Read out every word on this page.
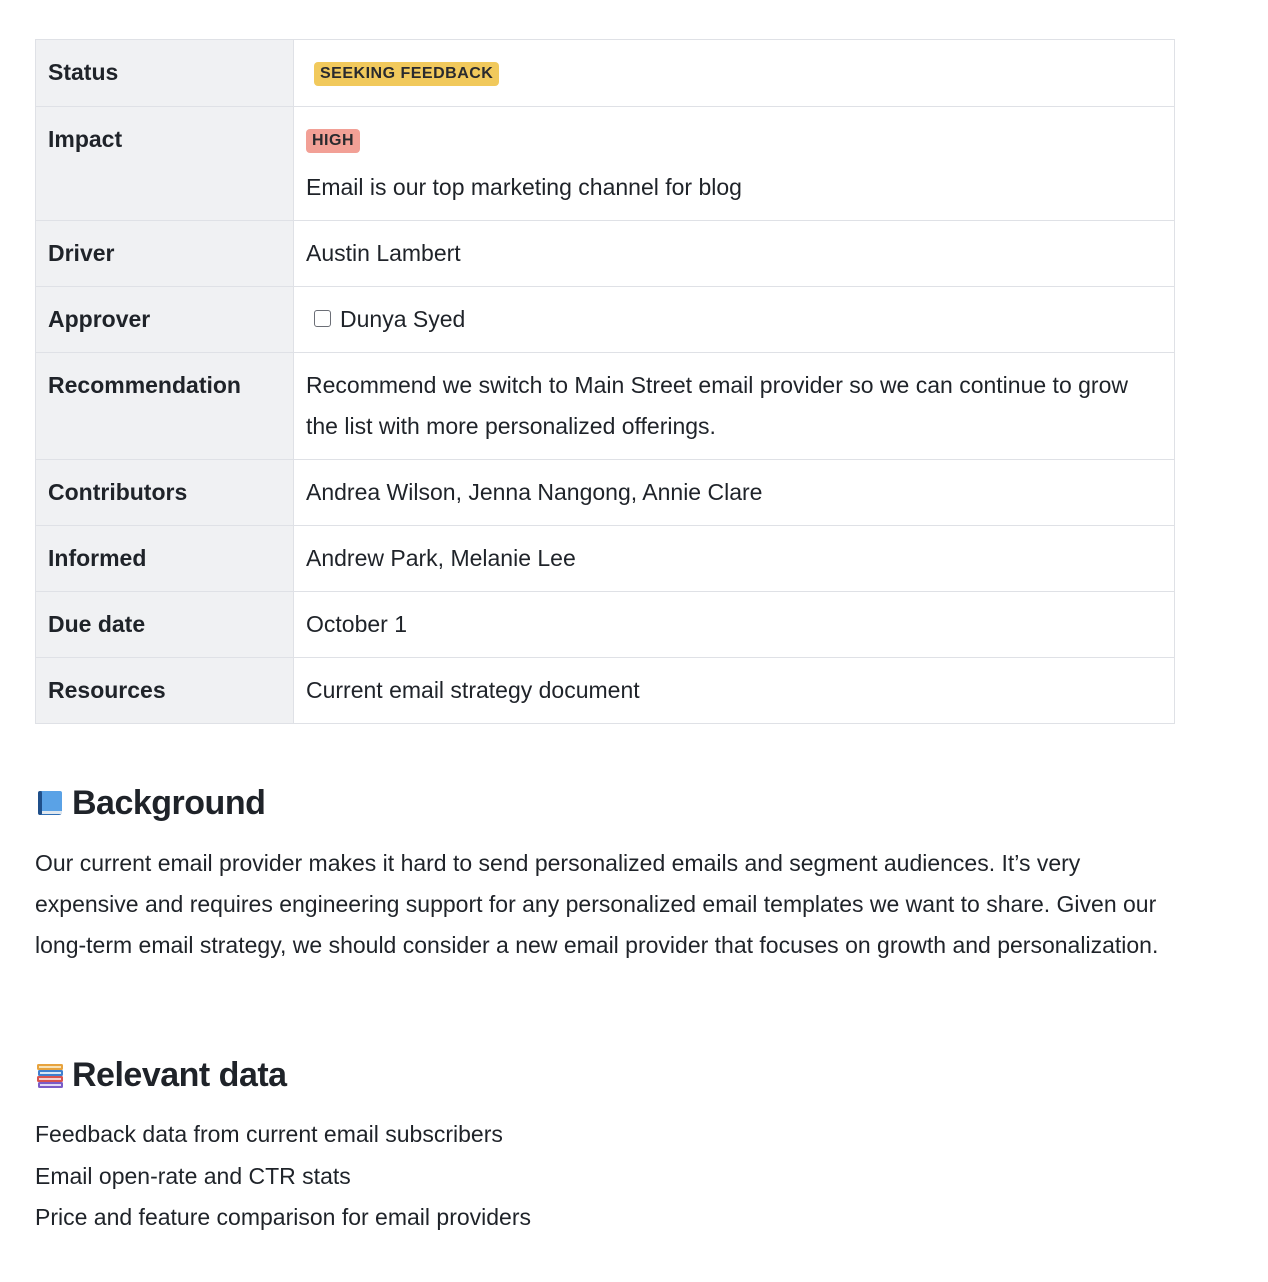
Status	SEEKING FEEDBACK

Impact	HIGH
Email is our top marketing channel for blog

Driver	Austin Lambert
Approver	Dunya Syed
Recommendation	Recommend we switch to Main Street email provider so we can continue to grow the list with more personalized offerings.
Contributors	Andrea Wilson, Jenna Nangong, Annie Clare
Informed	Andrew Park, Melanie Lee
Due date	October 1
Resources	Current email strategy document
Background

Our current email provider makes it hard to send personalized emails and segment audiences. It’s very expensive and requires engineering support for any personalized email templates we want to share. Given our long-term email strategy, we should consider a new email provider that focuses on growth and personalization.

Relevant data
Feedback data from current email subscribers
Email open-rate and CTR stats
Price and feature comparison for email providers
